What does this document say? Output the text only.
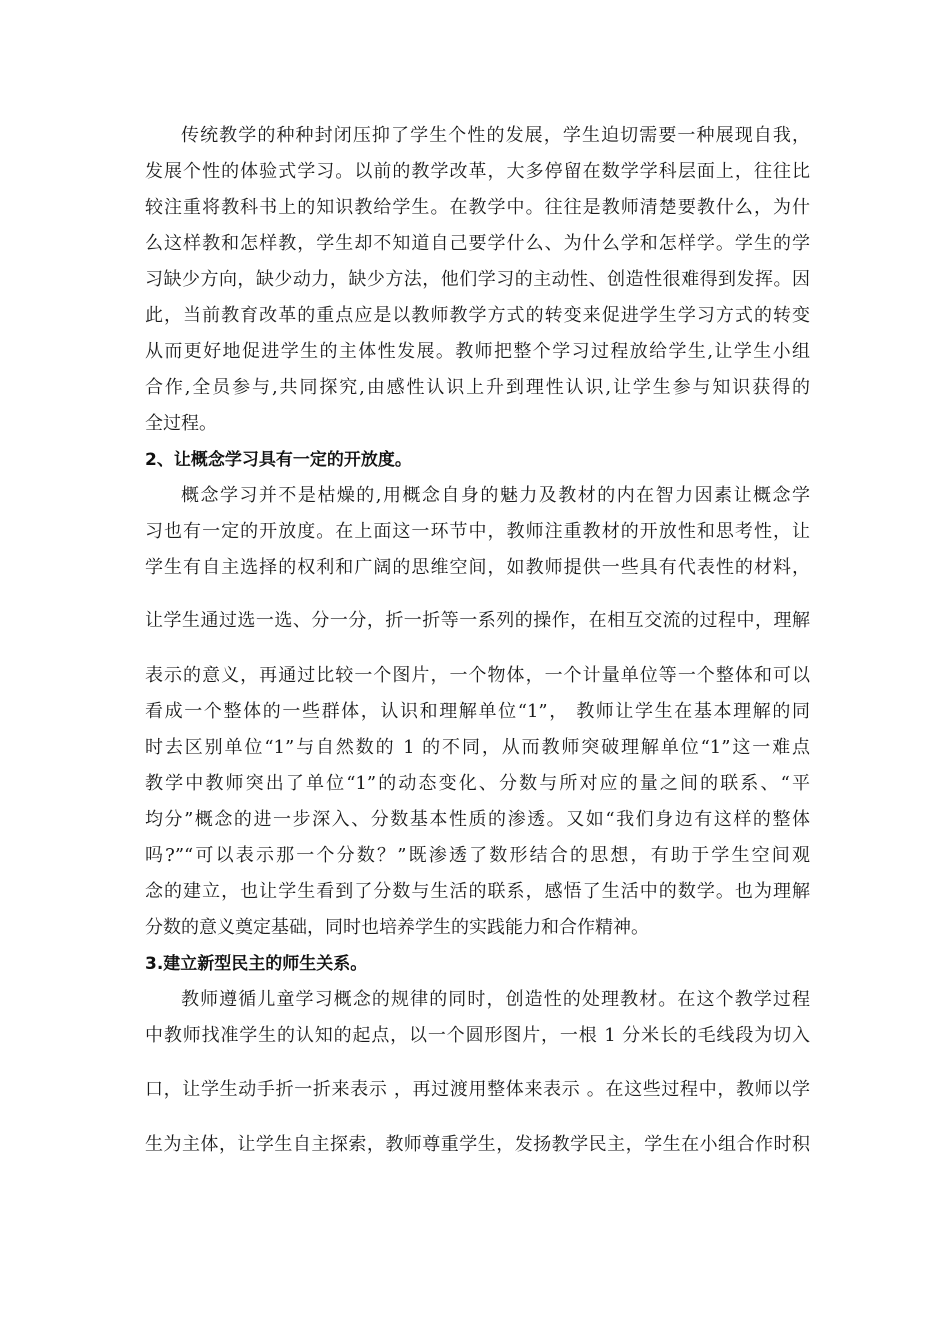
传统教学的种种封闭压抑了学生个性的发展，学生迫切需要一种展现自我，

发展个性的体验式学习。以前的教学改革，大多停留在数学学科层面上，往往比

较注重将教科书上的知识教给学生。在教学中。往往是教师清楚要教什么，为什

么这样教和怎样教，学生却不知道自己要学什么、为什么学和怎样学。学生的学

习缺少方向，缺少动力，缺少方法，他们学习的主动性、创造性很难得到发挥。因

此，当前教育改革的重点应是以教师教学方式的转变来促进学生学习方式的转变

从而更好地促进学生的主体性发展。教师把整个学习过程放给学生,让学生小组

合作,全员参与,共同探究,由感性认识上升到理性认识,让学生参与知识获得的

全过程。

2、让概念学习具有一定的开放度。

概念学习并不是枯燥的,用概念自身的魅力及教材的内在智力因素让概念学

习也有一定的开放度。在上面这一环节中，教师注重教材的开放性和思考性，让

学生有自主选择的权利和广阔的思维空间，如教师提供一些具有代表性的材料，

让学生通过选一选、分一分，折一折等一系列的操作，在相互交流的过程中，理解

表示的意义，再通过比较一个图片，一个物体，一个计量单位等一个整体和可以

看成一个整体的一些群体，认识和理解单位“1”， 教师让学生在基本理解的同

时去区别单位“1”与自然数的 1 的不同，从而教师突破理解单位“1”这一难点

教学中教师突出了单位“1”的动态变化、分数与所对应的量之间的联系、“平

均分”概念的进一步深入、分数基本性质的渗透。又如“我们身边有这样的整体

吗?”“可以表示那一个分数？”既渗透了数形结合的思想，有助于学生空间观

念的建立，也让学生看到了分数与生活的联系，感悟了生活中的数学。也为理解

分数的意义奠定基础，同时也培养学生的实践能力和合作精神。

3.建立新型民主的师生关系。

教师遵循儿童学习概念的规律的同时，创造性的处理教材。在这个教学过程

中教师找准学生的认知的起点，以一个圆形图片，一根 1 分米长的毛线段为切入

口，让学生动手折一折来表示 ，再过渡用整体来表示 。在这些过程中，教师以学

生为主体，让学生自主探索，教师尊重学生，发扬教学民主，学生在小组合作时积
